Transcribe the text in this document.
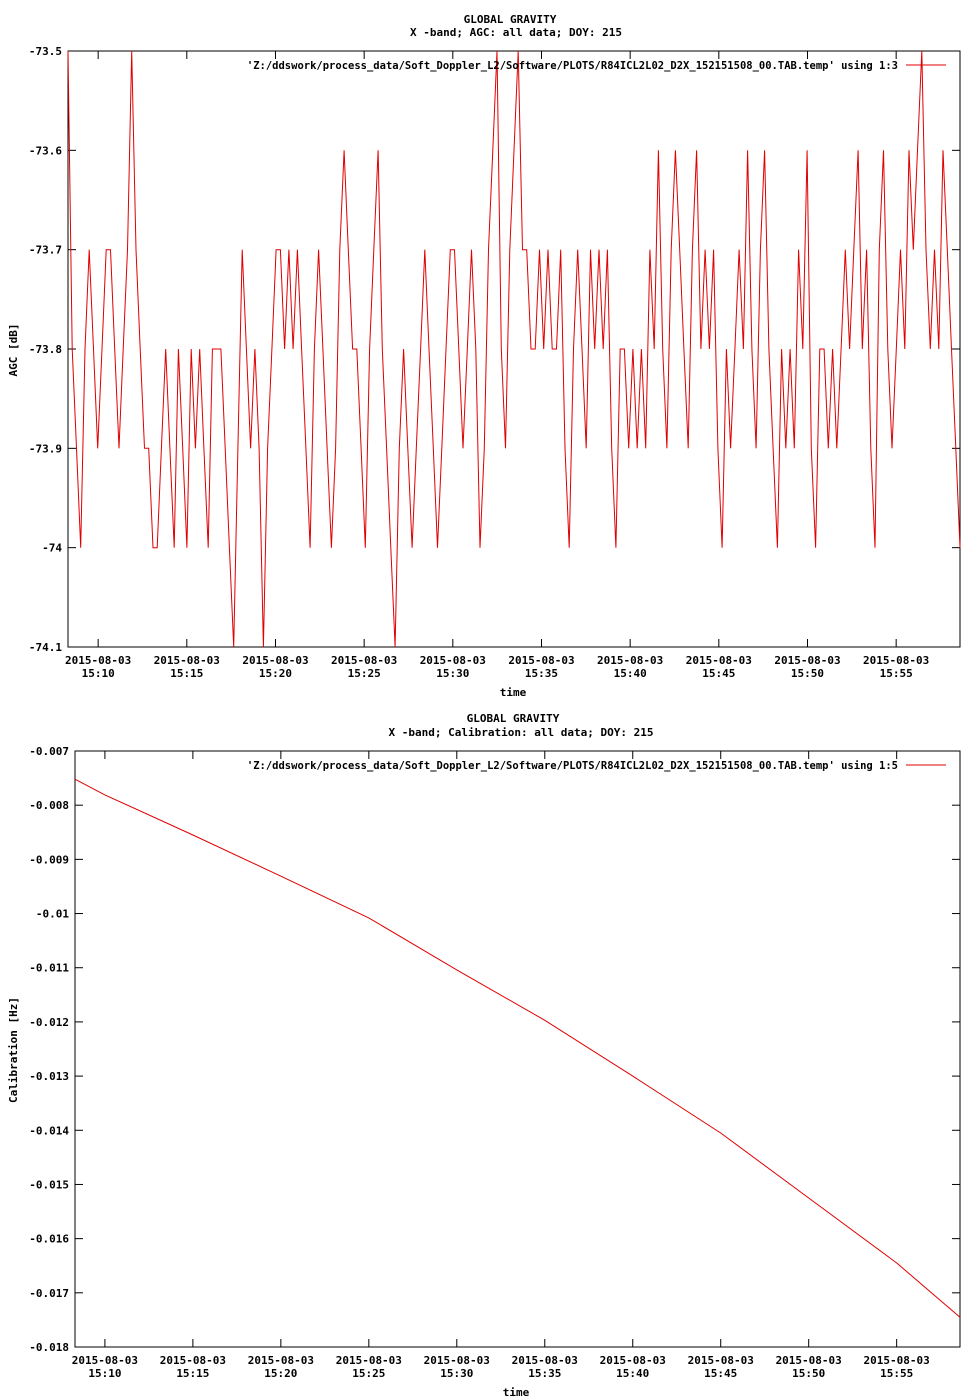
GLOBAL GRAVITY
X -band; AGC: all data; DOY: 215
-73.5
-73.6
-73.7
-73.8
-73.9
-74
-74.1
2015-08-03
15:10
2015-08-03
15:15
2015-08-03
15:20
2015-08-03
15:25
2015-08-03
15:30
2015-08-03
15:35
2015-08-03
15:40
2015-08-03
15:45
2015-08-03
15:50
2015-08-03
15:55
'Z:/ddswork/process_data/Soft_Doppler_L2/Software/PLOTS/R84ICL2L02_D2X_152151508_00.TAB.temp' using 1:3
time
AGC [dB]
GLOBAL GRAVITY
X -band; Calibration: all data; DOY: 215
-0.007
-0.008
-0.009
-0.01
-0.011
-0.012
-0.013
-0.014
-0.015
-0.016
-0.017
-0.018
2015-08-03
15:10
2015-08-03
15:15
2015-08-03
15:20
2015-08-03
15:25
2015-08-03
15:30
2015-08-03
15:35
2015-08-03
15:40
2015-08-03
15:45
2015-08-03
15:50
2015-08-03
15:55
'Z:/ddswork/process_data/Soft_Doppler_L2/Software/PLOTS/R84ICL2L02_D2X_152151508_00.TAB.temp' using 1:5
time
Calibration [Hz]
